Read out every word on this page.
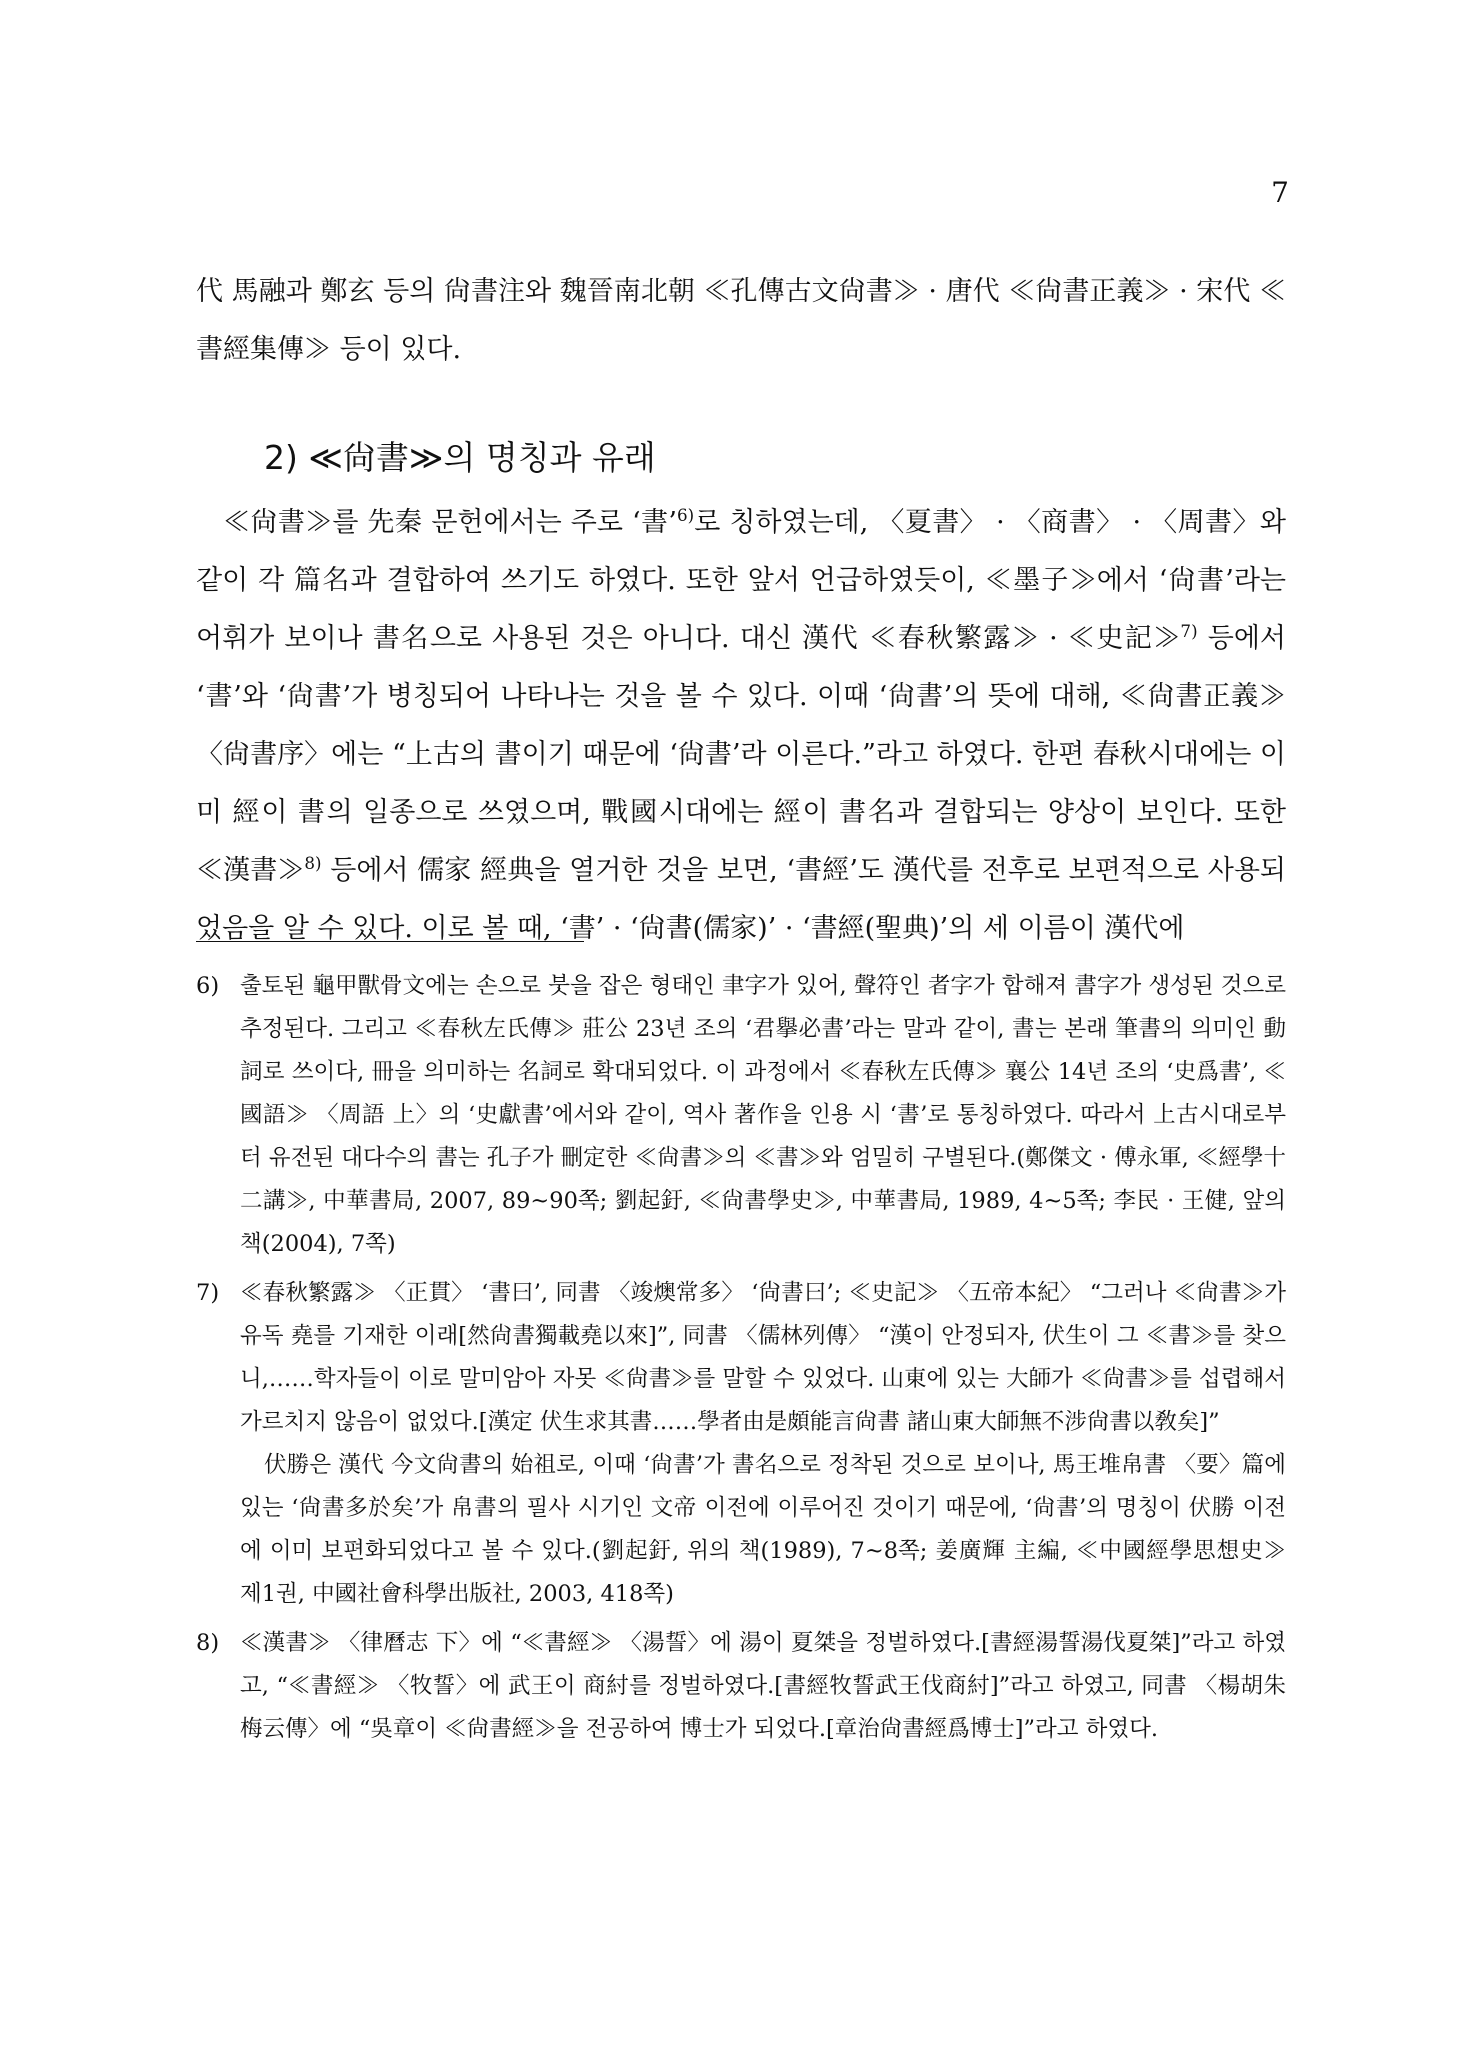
7

代 馬融과 鄭玄 등의 尙書注와 魏晉南北朝 ≪孔傳古文尙書≫ · 唐代 ≪尙書正義≫ · 宋代 ≪書經集傳≫ 등이 있다.

2) ≪尙書≫의 명칭과 유래

≪尙書≫를 先秦 문헌에서는 주로 ‘書’$^{6)}$로 칭하였는데, 〈夏書〉 · 〈商書〉 · 〈周書〉와 같이 각 篇名과 결합하여 쓰기도 하였다. 또한 앞서 언급하였듯이, ≪墨子≫에서 ‘尙書’라는 어휘가 보이나 書名으로 사용된 것은 아니다. 대신 漢代 ≪春秋繁露≫ · ≪史記≫$^{7)}$ 등에서 ‘書’와 ‘尙書’가 병칭되어 나타나는 것을 볼 수 있다. 이때 ‘尙書’의 뜻에 대해, ≪尙書正義≫ 〈尙書序〉에는 “上古의 書이기 때문에 ‘尙書’라 이른다.”라고 하였다. 한편 春秋시대에는 이미 經이 書의 일종으로 쓰였으며, 戰國시대에는 經이 書名과 결합되는 양상이 보인다. 또한 ≪漢書≫$^{8)}$ 등에서 儒家 經典을 열거한 것을 보면, ‘書經’도 漢代를 전후로 보편적으로 사용되었음을 알 수 있다. 이로 볼 때, ‘書’ · ‘尙書(儒家)’ · ‘書經(聖典)’의 세 이름이 漢代에

6) 출토된 龜甲獸骨文에는 손으로 붓을 잡은 형태인 聿字가 있어, 聲符인 者字가 합해져 書字가 생성된 것으로 추정된다. 그리고 ≪春秋左氏傳≫ 莊公 23년 조의 ‘君擧必書’라는 말과 같이, 書는 본래 筆書의 의미인 動詞로 쓰이다, 冊을 의미하는 名詞로 확대되었다. 이 과정에서 ≪春秋左氏傳≫ 襄公 14년 조의 ‘史爲書’, ≪國語≫ 〈周語 上〉의 ‘史獻書’에서와 같이, 역사 著作을 인용 시 ‘書’로 통칭하였다. 따라서 上古시대로부터 유전된 대다수의 書는 孔子가 刪定한 ≪尙書≫의 ≪書≫와 엄밀히 구별된다.(鄭傑文 · 傅永軍, ≪經學十二講≫, 中華書局, 2007, 89~90쪽; 劉起釪, ≪尙書學史≫, 中華書局, 1989, 4~5쪽; 李民 · 王健, 앞의 책(2004), 7쪽)

7) ≪春秋繁露≫ 〈正貫〉 ‘書曰’, 同書 〈竣燠常多〉 ‘尙書曰’; ≪史記≫ 〈五帝本紀〉 “그러나 ≪尙書≫가 유독 堯를 기재한 이래[然尙書獨載堯以來]”, 同書 〈儒林列傳〉 “漢이 안정되자, 伏生이 그 ≪書≫를 찾으니,……학자들이 이로 말미암아 자못 ≪尙書≫를 말할 수 있었다. 山東에 있는 大師가 ≪尙書≫를 섭렵해서 가르치지 않음이 없었다.[漢定 伏生求其書……學者由是頗能言尙書 諸山東大師無不涉尙書以敎矣]”

伏勝은 漢代 今文尙書의 始祖로, 이때 ‘尙書’가 書名으로 정착된 것으로 보이나, 馬王堆帛書 〈要〉篇에 있는 ‘尙書多於矣’가 帛書의 필사 시기인 文帝 이전에 이루어진 것이기 때문에, ‘尙書’의 명칭이 伏勝 이전에 이미 보편화되었다고 볼 수 있다.(劉起釪, 위의 책(1989), 7~8쪽; 姜廣輝 主編, ≪中國經學思想史≫ 제1권, 中國社會科學出版社, 2003, 418쪽)

8) ≪漢書≫ 〈律曆志 下〉에 “≪書經≫ 〈湯誓〉에 湯이 夏桀을 정벌하였다.[書經湯誓湯伐夏桀]”라고 하였고, “≪書經≫ 〈牧誓〉에 武王이 商紂를 정벌하였다.[書經牧誓武王伐商紂]”라고 하였고, 同書 〈楊胡朱梅云傳〉에 “吳章이 ≪尙書經≫을 전공하여 博士가 되었다.[章治尙書經爲博士]”라고 하였다.
